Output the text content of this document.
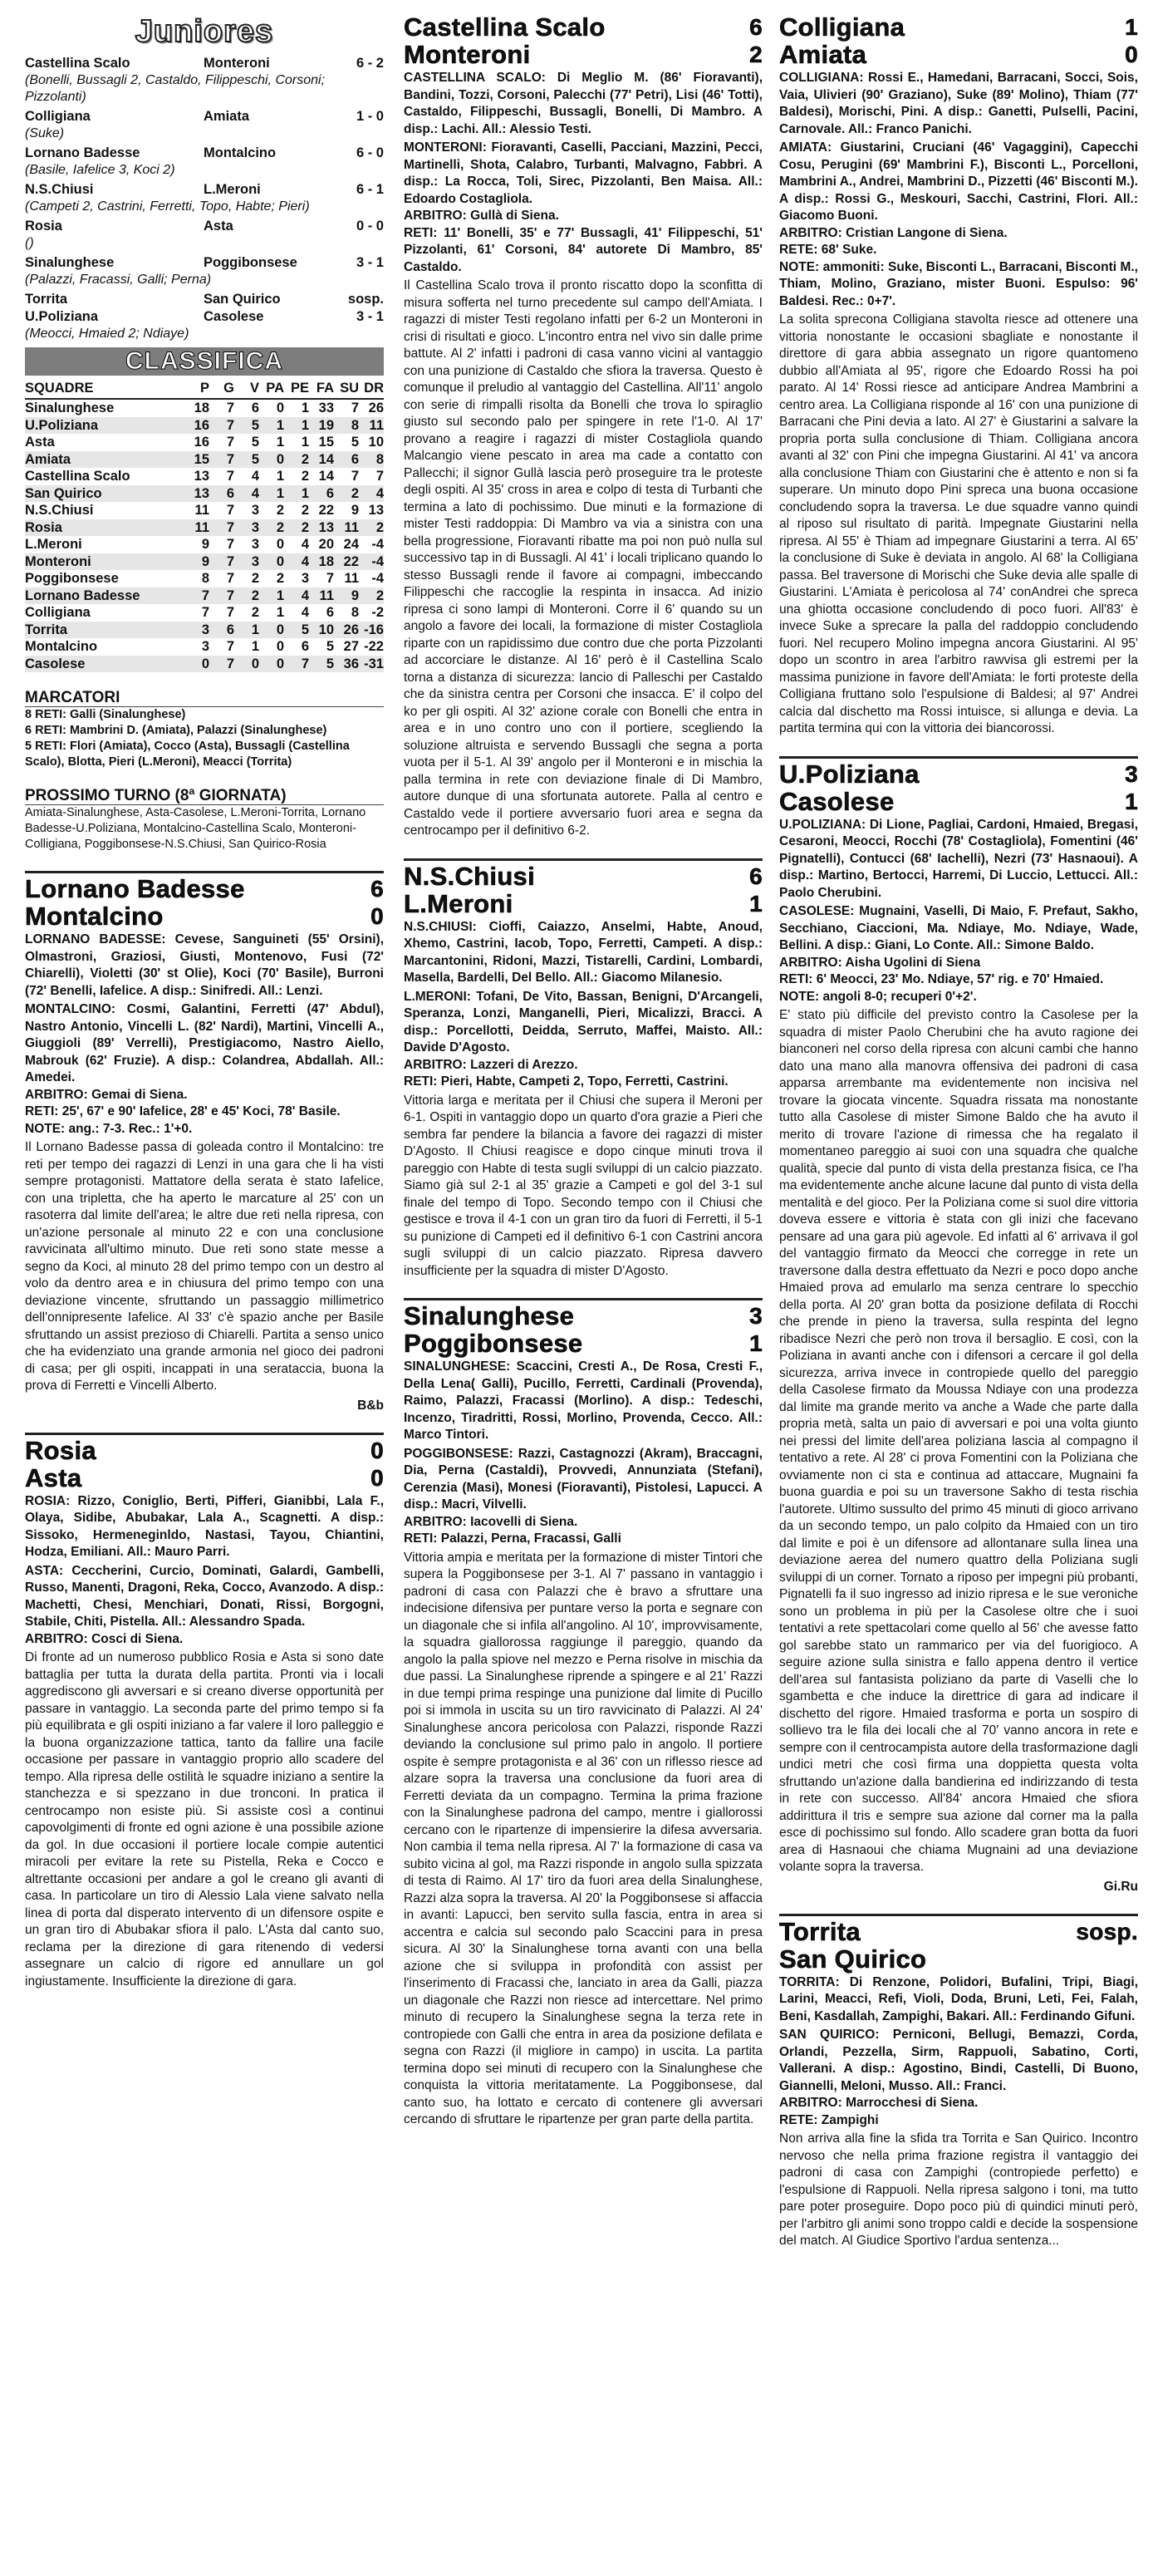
Juniores
Castellina Scalo	Monteroni	6 - 2
(Bonelli, Bussagli 2, Castaldo, Filippeschi, Corsoni; Pizzolanti)
Colligiana	Amiata	1 - 0
(Suke)
Lornano Badesse	Montalcino	6 - 0
(Basile, Iafelice 3, Koci 2)
N.S.Chiusi	L.Meroni	6 - 1
(Campeti 2, Castrini, Ferretti, Topo, Habte; Pieri)
Rosia	Asta	0 - 0
()
Sinalunghese	Poggibonsese	3 - 1
(Palazzi, Fracassi, Galli; Perna)
Torrita	San Quirico	sosp.
U.Poliziana	Casolese	3 - 1
(Meocci, Hmaied 2; Ndiaye)
CLASSIFICA
SQUADRE	P	G	V	PA	PE	FA	SU	DR
Sinalunghese	18	7	6	0	1	33	7	26
U.Poliziana	16	7	5	1	1	19	8	11
Asta	16	7	5	1	1	15	5	10
Amiata	15	7	5	0	2	14	6	8
Castellina Scalo	13	7	4	1	2	14	7	7
San Quirico	13	6	4	1	1	6	2	4
N.S.Chiusi	11	7	3	2	2	22	9	13
Rosia	11	7	3	2	2	13	11	2
L.Meroni	9	7	3	0	4	20	24	-4
Monteroni	9	7	3	0	4	18	22	-4
Poggibonsese	8	7	2	2	3	7	11	-4
Lornano Badesse	7	7	2	1	4	11	9	2
Colligiana	7	7	2	1	4	6	8	-2
Torrita	3	6	1	0	5	10	26	-16
Montalcino	3	7	1	0	6	5	27	-22
Casolese	0	7	0	0	7	5	36	-31
MARCATORI
8 RETI: Galli (Sinalunghese)
6 RETI: Mambrini D. (Amiata), Palazzi (Sinalunghese)
5 RETI: Flori (Amiata), Cocco (Asta), Bussagli (Castellina Scalo), Blotta, Pieri (L.Meroni), Meacci (Torrita)
PROSSIMO TURNO (8ª GIORNATA)
Amiata-Sinalunghese, Asta-Casolese, L.Meroni-Torrita, Lornano Badesse-U.Poliziana, Montalcino-Castellina Scalo, Monteroni-Colligiana, Poggibonsese-N.S.Chiusi, San Quirico-Rosia
Lornano Badesse	6
Montalcino	0
LORNANO BADESSE: Cevese, Sanguineti (55' Orsini), Olmastroni, Graziosi, Giusti, Montenovo, Fusi (72' Chiarelli), Violetti (30' st Olie), Koci (70' Basile), Burroni (72' Benelli, Iafelice. A disp.: Sinifredi. All.: Lenzi.
MONTALCINO: Cosmi, Galantini, Ferretti (47' Abdul), Nastro Antonio, Vincelli L. (82' Nardi), Martini, Vincelli A., Giuggioli (89' Verrelli), Prestigiacomo, Nastro Aiello, Mabrouk (62' Fruzie). A disp.: Colandrea, Abdallah. All.: Amedei.
ARBITRO: Gemai di Siena.
RETI: 25', 67' e 90' Iafelice, 28' e 45' Koci, 78' Basile.
NOTE: ang.: 7-3. Rec.: 1'+0.
Il Lornano Badesse passa di goleada contro il Montalcino: tre reti per tempo dei ragazzi di Lenzi in una gara che li ha visti sempre protagonisti. Mattatore della serata è stato Iafelice, con una tripletta, che ha aperto le marcature al 25' con un rasoterra dal limite dell'area; le altre due reti nella ripresa, con un'azione personale al minuto 22 e con una conclusione ravvicinata all'ultimo minuto. Due reti sono state messe a segno da Koci, al minuto 28 del primo tempo con un destro al volo da dentro area e in chiusura del primo tempo con una deviazione vincente, sfruttando un passaggio millimetrico dell'onnipresente Iafelice. Al 33' c'è spazio anche per Basile sfruttando un assist prezioso di Chiarelli. Partita a senso unico che ha evidenziato una grande armonia nel gioco dei padroni di casa; per gli ospiti, incappati in una serataccia, buona la prova di Ferretti e Vincelli Alberto.
B&b
Rosia	0
Asta	0
ROSIA: Rizzo, Coniglio, Berti, Pifferi, Gianibbi, Lala F., Olaya, Sidibe, Abubakar, Lala A., Scagnetti. A disp.: Sissoko, Hermeneginldo, Nastasi, Tayou, Chiantini, Hodza, Emiliani. All.: Mauro Parri.
ASTA: Ceccherini, Curcio, Dominati, Galardi, Gambelli, Russo, Manenti, Dragoni, Reka, Cocco, Avanzodo. A disp.: Machetti, Chesi, Menchiari, Donati, Rissi, Borgogni, Stabile, Chiti, Pistella. All.: Alessandro Spada.
ARBITRO: Cosci di Siena.
Di fronte ad un numeroso pubblico Rosia e Asta si sono date battaglia per tutta la durata della partita. Pronti via i locali aggrediscono gli avversari e si creano diverse opportunità per passare in vantaggio. La seconda parte del primo tempo si fa più equilibrata e gli ospiti iniziano a far valere il loro palleggio e la buona organizzazione tattica, tanto da fallire una facile occasione per passare in vantaggio proprio allo scadere del tempo. Alla ripresa delle ostilità le squadre iniziano a sentire la stanchezza e si spezzano in due tronconi. In pratica il centrocampo non esiste più. Si assiste così a continui capovolgimenti di fronte ed ogni azione è una possibile azione da gol. In due occasioni il portiere locale compie autentici miracoli per evitare la rete su Pistella, Reka e Cocco e altrettante occasioni per andare a gol le creano gli avanti di casa. In particolare un tiro di Alessio Lala viene salvato nella linea di porta dal disperato intervento di un difensore ospite e un gran tiro di Abubakar sfiora il palo. L'Asta dal canto suo, reclama per la direzione di gara ritenendo di vedersi assegnare un calcio di rigore ed annullare un gol ingiustamente. Insufficiente la direzione di gara.
Castellina Scalo	6
Monteroni	2
CASTELLINA SCALO: Di Meglio M. (86' Fioravanti), Bandini, Tozzi, Corsoni, Palecchi (77' Petri), Lisi (46' Totti), Castaldo, Filippeschi, Bussagli, Bonelli, Di Mambro. A disp.: Lachi. All.: Alessio Testi.
MONTERONI: Fioravanti, Caselli, Pacciani, Mazzini, Pecci, Martinelli, Shota, Calabro, Turbanti, Malvagno, Fabbri. A disp.: La Rocca, Toli, Sirec, Pizzolanti, Ben Maisa. All.: Edoardo Costagliola.
ARBITRO: Gullà di Siena.
RETI: 11' Bonelli, 35' e 77' Bussagli, 41' Filippeschi, 51' Pizzolanti, 61' Corsoni, 84' autorete Di Mambro, 85' Castaldo.
Il Castellina Scalo trova il pronto riscatto dopo la sconfitta di misura sofferta nel turno precedente sul campo dell'Amiata. I ragazzi di mister Testi regolano infatti per 6-2 un Monteroni in crisi di risultati e gioco. L'incontro entra nel vivo sin dalle prime battute. Al 2' infatti i padroni di casa vanno vicini al vantaggio con una punizione di Castaldo che sfiora la traversa. Questo è comunque il preludio al vantaggio del Castellina. All'11' angolo con serie di rimpalli risolta da Bonelli che trova lo spiraglio giusto sul secondo palo per spingere in rete l'1-0. Al 17' provano a reagire i ragazzi di mister Costagliola quando Malcangio viene pescato in area ma cade a contatto con Pallecchi; il signor Gullà lascia però proseguire tra le proteste degli ospiti. Al 35' cross in area e colpo di testa di Turbanti che termina a lato di pochissimo. Due minuti e la formazione di mister Testi raddoppia: Di Mambro va via a sinistra con una bella progressione, Fioravanti ribatte ma poi non può nulla sul successivo tap in di Bussagli. Al 41' i locali triplicano quando lo stesso Bussagli rende il favore ai compagni, imbeccando Filippeschi che raccoglie la respinta in insacca. Ad inizio ripresa ci sono lampi di Monteroni. Corre il 6' quando su un angolo a favore dei locali, la formazione di mister Costagliola riparte con un rapidissimo due contro due che porta Pizzolanti ad accorciare le distanze. Al 16' però è il Castellina Scalo torna a distanza di sicurezza: lancio di Palleschi per Castaldo che da sinistra centra per Corsoni che insacca. E' il colpo del ko per gli ospiti. Al 32' azione corale con Bonelli che entra in area e in uno contro uno con il portiere, scegliendo la soluzione altruista e servendo Bussagli che segna a porta vuota per il 5-1. Al 39' angolo per il Monteroni e in mischia la palla termina in rete con deviazione finale di Di Mambro, autore dunque di una sfortunata autorete. Palla al centro e Castaldo vede il portiere avversario fuori area e segna da centrocampo per il definitivo 6-2.
N.S.Chiusi	6
L.Meroni	1
N.S.CHIUSI: Cioffi, Caiazzo, Anselmi, Habte, Anoud, Xhemo, Castrini, Iacob, Topo, Ferretti, Campeti. A disp.: Marcantonini, Ridoni, Mazzi, Tistarelli, Cardini, Lombardi, Masella, Bardelli, Del Bello. All.: Giacomo Milanesio.
L.MERONI: Tofani, De Vito, Bassan, Benigni, D'Arcangeli, Speranza, Lonzi, Manganelli, Pieri, Micalizzi, Bracci. A disp.: Porcellotti, Deidda, Serruto, Maffei, Maisto. All.: Davide D'Agosto.
ARBITRO: Lazzeri di Arezzo.
RETI: Pieri, Habte, Campeti 2, Topo, Ferretti, Castrini.
Vittoria larga e meritata per il Chiusi che supera il Meroni per 6-1. Ospiti in vantaggio dopo un quarto d'ora grazie a Pieri che sembra far pendere la bilancia a favore dei ragazzi di mister D'Agosto. Il Chiusi reagisce e dopo cinque minuti trova il pareggio con Habte di testa sugli sviluppi di un calcio piazzato. Siamo già sul 2-1 al 35' grazie a Campeti e gol del 3-1 sul finale del tempo di Topo. Secondo tempo con il Chiusi che gestisce e trova il 4-1 con un gran tiro da fuori di Ferretti, il 5-1 su punizione di Campeti ed il definitivo 6-1 con Castrini ancora sugli sviluppi di un calcio piazzato. Ripresa davvero insufficiente per la squadra di mister D'Agosto.
Sinalunghese	3
Poggibonsese	1
SINALUNGHESE: Scaccini, Cresti A., De Rosa, Cresti F., Della Lena( Galli), Pucillo, Ferretti, Cardinali (Provenda), Raimo, Palazzi, Fracassi (Morlino). A disp.: Tedeschi, Incenzo, Tiradritti, Rossi, Morlino, Provenda, Cecco. All.: Marco Tintori.
POGGIBONSESE: Razzi, Castagnozzi (Akram), Braccagni, Dia, Perna (Castaldi), Provvedi, Annunziata (Stefani), Cerenzia (Masi), Monesi (Fioravanti), Pistolesi, Lapucci. A disp.: Macri, Vilvelli.
ARBITRO: Iacovelli di Siena.
RETI: Palazzi, Perna, Fracassi, Galli
Vittoria ampia e meritata per la formazione di mister Tintori che supera la Poggibonsese per 3-1. Al 7' passano in vantaggio i padroni di casa con Palazzi che è bravo a sfruttare una indecisione difensiva per puntare verso la porta e segnare con un diagonale che si infila all'angolino. Al 10', improvvisamente, la squadra giallorossa raggiunge il pareggio, quando da angolo la palla spiove nel mezzo e Perna risolve in mischia da due passi. La Sinalunghese riprende a spingere e al 21' Razzi in due tempi prima respinge una punizione dal limite di Pucillo poi si immola in uscita su un tiro ravvicinato di Palazzi. Al 24' Sinalunghese ancora pericolosa con Palazzi, risponde Razzi deviando la conclusione sul primo palo in angolo. Il portiere ospite è sempre protagonista e al 36' con un riflesso riesce ad alzare sopra la traversa una conclusione da fuori area di Ferretti deviata da un compagno. Termina la prima frazione con la Sinalunghese padrona del campo, mentre i giallorossi cercano con le ripartenze di impensierire la difesa avversaria. Non cambia il tema nella ripresa. Al 7' la formazione di casa va subito vicina al gol, ma Razzi risponde in angolo sulla spizzata di testa di Raimo. Al 17' tiro da fuori area della Sinalunghese, Razzi alza sopra la traversa. Al 20' la Poggibonsese si affaccia in avanti: Lapucci, ben servito sulla fascia, entra in area si accentra e calcia sul secondo palo Scaccini para in presa sicura. Al 30' la Sinalunghese torna avanti con una bella azione che si sviluppa in profondità con assist per l'inserimento di Fracassi che, lanciato in area da Galli, piazza un diagonale che Razzi non riesce ad intercettare. Nel primo minuto di recupero la Sinalunghese segna la terza rete in contropiede con Galli che entra in area da posizione defilata e segna con Razzi (il migliore in campo) in uscita. La partita termina dopo sei minuti di recupero con la Sinalunghese che conquista la vittoria meritatamente. La Poggibonsese, dal canto suo, ha lottato e cercato di contenere gli avversari cercando di sfruttare le ripartenze per gran parte della partita.
Colligiana	1
Amiata	0
COLLIGIANA: Rossi E., Hamedani, Barracani, Socci, Sois, Vaia, Ulivieri (90' Graziano), Suke (89' Molino), Thiam (77' Baldesi), Morischi, Pini. A disp.: Ganetti, Pulselli, Pacini, Carnovale. All.: Franco Panichi.
AMIATA: Giustarini, Cruciani (46' Vagaggini), Capecchi Cosu, Perugini (69' Mambrini F.), Bisconti L., Porcelloni, Mambrini A., Andrei, Mambrini D., Pizzetti (46' Bisconti M.). A disp.: Rossi G., Meskouri, Sacchi, Castrini, Flori. All.: Giacomo Buoni.
ARBITRO: Cristian Langone di Siena.
RETE: 68' Suke.
NOTE: ammoniti: Suke, Bisconti L., Barracani, Bisconti M., Thiam, Molino, Graziano, mister Buoni. Espulso: 96' Baldesi. Rec.: 0+7'.
La solita sprecona Colligiana stavolta riesce ad ottenere una vittoria nonostante le occasioni sbagliate e nonostante il direttore di gara abbia assegnato un rigore quantomeno dubbio all'Amiata al 95', rigore che Edoardo Rossi ha poi parato. Al 14' Rossi riesce ad anticipare Andrea Mambrini a centro area. La Colligiana risponde al 16' con una punizione di Barracani che Pini devia a lato. Al 27' è Giustarini a salvare la propria porta sulla conclusione di Thiam. Colligiana ancora avanti al 32' con Pini che impegna Giustarini. Al 41' va ancora alla conclusione Thiam con Giustarini che è attento e non si fa superare. Un minuto dopo Pini spreca una buona occasione concludendo sopra la traversa. Le due squadre vanno quindi al riposo sul risultato di parità. Impegnate Giustarini nella ripresa. Al 55' è Thiam ad impegnare Giustarini a terra. Al 65' la conclusione di Suke è deviata in angolo. Al 68' la Colligiana passa. Bel traversone di Morischi che Suke devia alle spalle di Giustarini. L'Amiata è pericolosa al 74' conAndrei che spreca una ghiotta occasione concludendo di poco fuori. All'83' è invece Suke a sprecare la palla del raddoppio concludendo fuori. Nel recupero Molino impegna ancora Giustarini. Al 95' dopo un scontro in area l'arbitro rawvisa gli estremi per la massima punizione in favore dell'Amiata: le forti proteste della Colligiana fruttano solo l'espulsione di Baldesi; al 97' Andrei calcia dal dischetto ma Rossi intuisce, si allunga e devia. La partita termina qui con la vittoria dei biancorossi.
U.Poliziana	3
Casolese	1
U.POLIZIANA: Di Lione, Pagliai, Cardoni, Hmaied, Bregasi, Cesaroni, Meocci, Rocchi (78' Costagliola), Fomentini (46' Pignatelli), Contucci (68' Iachelli), Nezri (73' Hasnaoui). A disp.: Martino, Bertocci, Harremi, Di Luccio, Lettucci. All.: Paolo Cherubini.
CASOLESE: Mugnaini, Vaselli, Di Maio, F. Prefaut, Sakho, Secchiano, Ciaccioni, Ma. Ndiaye, Mo. Ndiaye, Wade, Bellini. A disp.: Giani, Lo Conte. All.: Simone Baldo.
ARBITRO: Aisha Ugolini di Siena
RETI: 6' Meocci, 23' Mo. Ndiaye, 57' rig. e 70' Hmaied.
NOTE: angoli 8-0; recuperi 0'+2'.
E' stato più difficile del previsto contro la Casolese per la squadra di mister Paolo Cherubini che ha avuto ragione dei bianconeri nel corso della ripresa con alcuni cambi che hanno dato una mano alla manovra offensiva dei padroni di casa apparsa arrembante ma evidentemente non incisiva nel trovare la giocata vincente. Squadra rissata ma nonostante tutto alla Casolese di mister Simone Baldo che ha avuto il merito di trovare l'azione di rimessa che ha regalato il momentaneo pareggio ai suoi con una squadra che qualche qualità, specie dal punto di vista della prestanza fisica, ce l'ha ma evidentemente anche alcune lacune dal punto di vista della mentalità e del gioco. Per la Poliziana come si suol dire vittoria doveva essere e vittoria è stata con gli inizi che facevano pensare ad una gara più agevole. Ed infatti al 6' arrivava il gol del vantaggio firmato da Meocci che corregge in rete un traversone dalla destra effettuato da Nezri e poco dopo anche Hmaied prova ad emularlo ma senza centrare lo specchio della porta. Al 20' gran botta da posizione defilata di Rocchi che prende in pieno la traversa, sulla respinta del legno ribadisce Nezri che però non trova il bersaglio. E così, con la Poliziana in avanti anche con i difensori a cercare il gol della sicurezza, arriva invece in contropiede quello del pareggio della Casolese firmato da Moussa Ndiaye con una prodezza dal limite ma grande merito va anche a Wade che parte dalla propria metà, salta un paio di avversari e poi una volta giunto nei pressi del limite dell'area poliziana lascia al compagno il tentativo a rete. Al 28' ci prova Fomentini con la Poliziana che ovviamente non ci sta e continua ad attaccare, Mugnaini fa buona guardia e poi su un traversone Sakho di testa rischia l'autorete. Ultimo sussulto del primo 45 minuti di gioco arrivano da un secondo tempo, un palo colpito da Hmaied con un tiro dal limite e poi è un difensore ad allontanare sulla linea una deviazione aerea del numero quattro della Poliziana sugli sviluppi di un corner. Tornato a riposo per impegni più probanti, Pignatelli fa il suo ingresso ad inizio ripresa e le sue veroniche sono un problema in più per la Casolese oltre che i suoi tentativi a rete spettacolari come quello al 56' che avesse fatto gol sarebbe stato un rammarico per via del fuorigioco. A seguire azione sulla sinistra e fallo appena dentro il vertice dell'area sul fantasista poliziano da parte di Vaselli che lo sgambetta e che induce la direttrice di gara ad indicare il dischetto del rigore. Hmaied trasforma e porta un sospiro di sollievo tra le fila dei locali che al 70' vanno ancora in rete e sempre con il centrocampista autore della trasformazione dagli undici metri che così firma una doppietta questa volta sfruttando un'azione dalla bandierina ed indirizzando di testa in rete con successo. All'84' ancora Hmaied che sfiora addirittura il tris e sempre sua azione dal corner ma la palla esce di pochissimo sul fondo. Allo scadere gran botta da fuori area di Hasnaoui che chiama Mugnaini ad una deviazione volante sopra la traversa.
Gi.Ru
Torrita	sosp.
San Quirico
TORRITA: Di Renzone, Polidori, Bufalini, Tripi, Biagi, Larini, Meacci, Refi, Violi, Doda, Bruni, Leti, Fei, Falah, Beni, Kasdallah, Zampighi, Bakari. All.: Ferdinando Gifuni.
SAN QUIRICO: Perniconi, Bellugi, Bemazzi, Corda, Orlandi, Pezzella, Sirm, Rappuoli, Sabatino, Corti, Vallerani. A disp.: Agostino, Bindi, Castelli, Di Buono, Giannelli, Meloni, Musso. All.: Franci.
ARBITRO: Marrocchesi di Siena.
RETE: Zampighi
Non arriva alla fine la sfida tra Torrita e San Quirico. Incontro nervoso che nella prima frazione registra il vantaggio dei padroni di casa con Zampighi (contropiede perfetto) e l'espulsione di Rappuoli. Nella ripresa salgono i toni, ma tutto pare poter proseguire. Dopo poco più di quindici minuti però, per l'arbitro gli animi sono troppo caldi e decide la sospensione del match. Al Giudice Sportivo l'ardua sentenza...
